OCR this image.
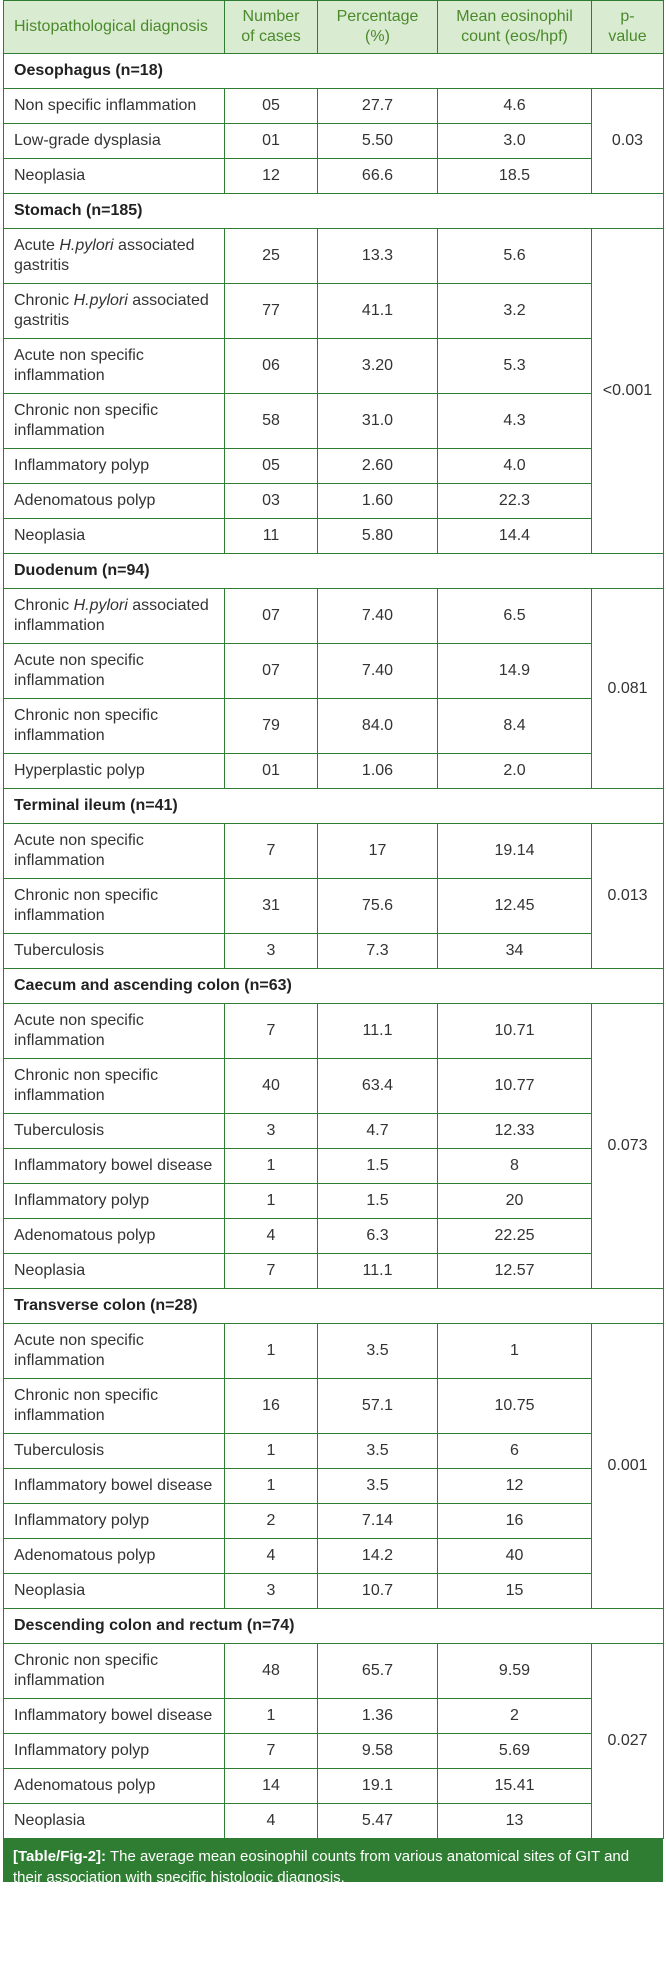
Histopathological diagnosis	Number of cases	Percentage (%)	Mean eosinophil count (eos/hpf)	p-value
Oesophagus (n=18)				
Non specific inflammation	05	27.7	4.6	0.03
Low-grade dysplasia	01	5.50	3.0	
Neoplasia	12	66.6	18.5	
Stomach (n=185)				
Acute H.pylori associated gastritis	25	13.3	5.6	<0.001
Chronic H.pylori associated gastritis	77	41.1	3.2	
Acute non specific inflammation	06	3.20	5.3	
Chronic non specific inflammation	58	31.0	4.3	
Inflammatory polyp	05	2.60	4.0	
Adenomatous polyp	03	1.60	22.3	
Neoplasia	11	5.80	14.4	
Duodenum (n=94)				
Chronic H.pylori associated inflammation	07	7.40	6.5	0.081
Acute non specific inflammation	07	7.40	14.9	
Chronic non specific inflammation	79	84.0	8.4	
Hyperplastic polyp	01	1.06	2.0	
Terminal ileum (n=41)				
Acute non specific inflammation	7	17	19.14	0.013
Chronic non specific inflammation	31	75.6	12.45	
Tuberculosis	3	7.3	34	
Caecum and ascending colon (n=63)				
Acute non specific inflammation	7	11.1	10.71	0.073
Chronic non specific inflammation	40	63.4	10.77	
Tuberculosis	3	4.7	12.33	
Inflammatory bowel disease	1	1.5	8	
Inflammatory polyp	1	1.5	20	
Adenomatous polyp	4	6.3	22.25	
Neoplasia	7	11.1	12.57	
Transverse colon (n=28)				
Acute non specific inflammation	1	3.5	1	0.001
Chronic non specific inflammation	16	57.1	10.75	
Tuberculosis	1	3.5	6	
Inflammatory bowel disease	1	3.5	12	
Inflammatory polyp	2	7.14	16	
Adenomatous polyp	4	14.2	40	
Neoplasia	3	10.7	15	
Descending colon and rectum (n=74)				
Chronic non specific inflammation	48	65.7	9.59	0.027
Inflammatory bowel disease	1	1.36	2	
Inflammatory polyp	7	9.58	5.69	
Adenomatous polyp	14	19.1	15.41	
Neoplasia	4	5.47	13	
[Table/Fig-2]: The average mean eosinophil counts from various anatomical sites of GIT and their association with specific histologic diagnosis.
